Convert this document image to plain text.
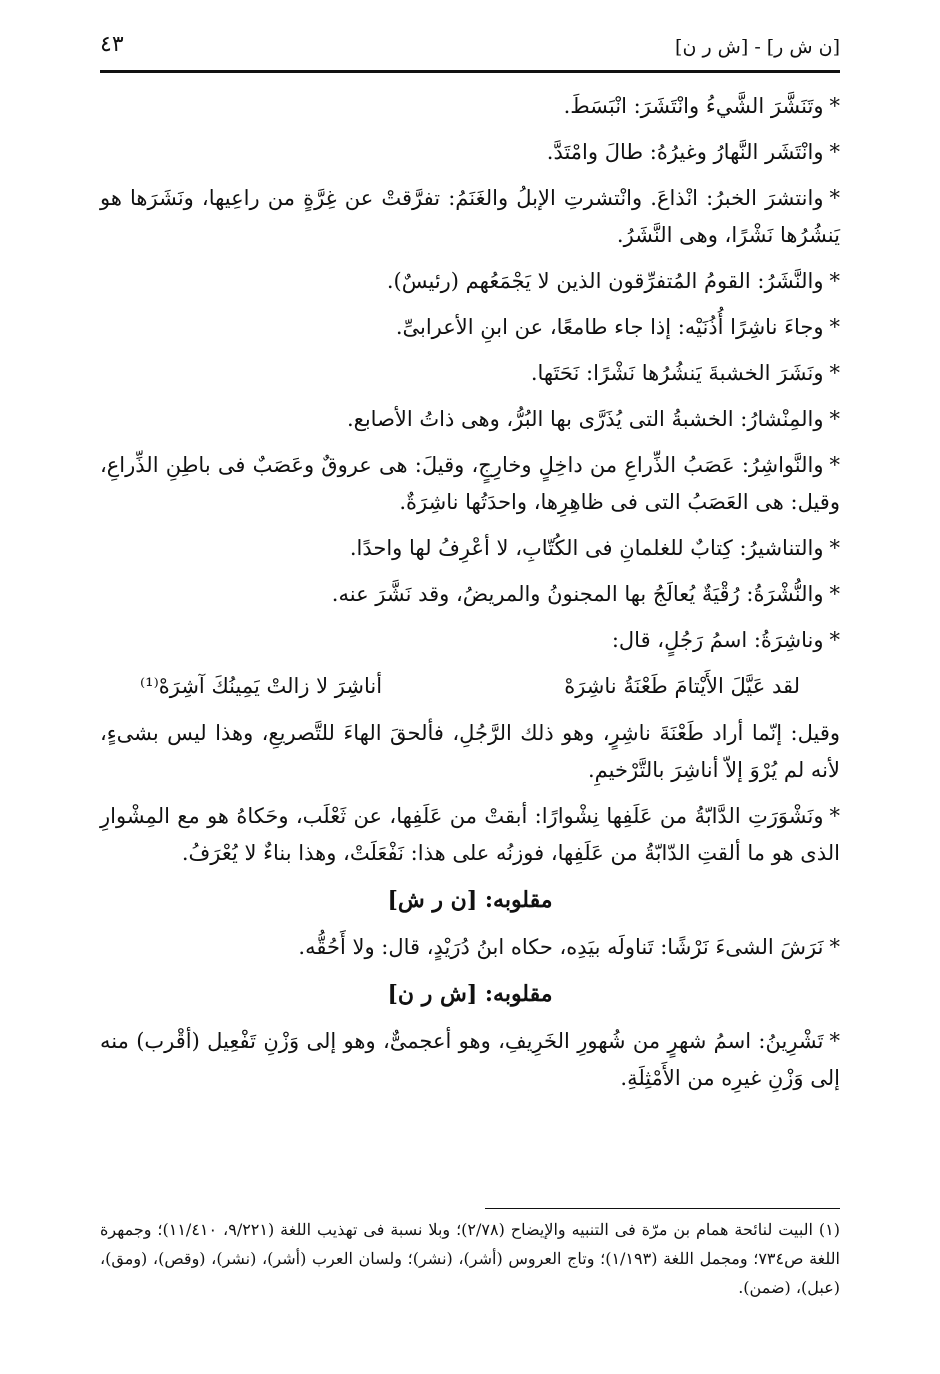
[ن ش ر] - [ش ر ن]
٤٣

*وتَنَشَّرَ الشَّيءُ وانْتَشَرَ: انْبَسَطَ.

*وانْتَشَر النَّهارُ وغيرُهُ: طالَ وامْتَدَّ.

*وانتشرَ الخبرُ: انْذاعَ. وانْتشرتِ الإبلُ والغَنَمُ: تفرَّقتْ عن غِرَّةٍ من راعِيها، ونَشَرَها هو يَنشُرُها نَشْرًا، وهى النَّشَرُ.

*والنَّشَرُ: القومُ المُتفرِّقون الذين لا يَجْمَعُهم (رئيسٌ).

*وجاءَ ناشِرًا أُذُنَيْه: إذا جاء طامعًا، عن ابنِ الأعرابىِّ.

*ونَشَرَ الخشبةَ يَنشُرُها نَشْرًا: نَحَتَها.

*والمِنْشارُ: الخشبةُ التى يُذَرَّى بها البُرُّ، وهى ذاتُ الأصابع.

*والنَّواشِرُ: عَصَبُ الذِّراعِ من داخِلٍ وخارِجٍ، وقيلَ: هى عروقٌ وعَصَبٌ فى باطِنِ الذِّراعِ، وقيل: هى العَصَبُ التى فى ظاهِرِها، واحدَتُها ناشِرَةٌ.

*والتناشيرُ: كِتابٌ للغلمانِ فى الكُتّابِ، لا أعْرِفُ لها واحدًا.

*والنُّشْرَةُ: رُقْيَةٌ يُعالَجُ بها المجنونُ والمريضُ، وقد نَشَّرَ عنه.

*وناشِرَةُ: اسمُ رَجُلٍ، قال:

لقد عَيَّلَ الأَيْتامَ طَعْنَةُ ناشِرَهْ
أناشِرَ لا زالتْ يَمِينُكَ آشِرَهْ⁽¹⁾

وقيل: إنّما أراد طَعْنَةَ ناشِرٍ، وهو ذلك الرَّجُلِ، فألحقَ الهاءَ للتَّصريعِ، وهذا ليس بشىءٍ، لأنه لم يُرْوَ إلاّ أناشِرَ بالتَّرْخيمِ.

*ونَشْوَرَتِ الدَّابّةُ من عَلَفِها نِشْوارًا: أبقتْ من عَلَفِها، عن ثَعْلَب، وحَكاهُ هو مع المِشْوارِ الذى هو ما ألقتِ الدّابّةُ من عَلَفِها، فوزنُه على هذا: نَفْعَلَتْ، وهذا بناءٌ لا يُعْرَفُ.

مقلوبه: [ن ر ش]

*نَرَشَ الشىءَ نَرْشًا: تَناولَه بيَدِه، حكاه ابنُ دُرَيْدٍ، قال: ولا أَحُقُّه.

مقلوبه: [ش ر ن]

*تَشْرِينُ: اسمُ شهرٍ من شُهورِ الخَرِيفِ، وهو أعجمىٌّ، وهو إلى وَزْنِ تَفْعِيل (أقْرب) منه إلى وَزْنِ غيرِه من الأَمْثِلَةِ.

(١) البيت لنائحة همام بن مرّة فى التنبيه والإيضاح (٢/٧٨)؛ وبلا نسبة فى تهذيب اللغة (٩/٢٢١، ١١/٤١٠)؛ وجمهرة اللغة ص٧٣٤؛ ومجمل اللغة (١/١٩٣)؛ وتاج العروس (أشر)، (نشر)؛ ولسان العرب (أشر)، (نشر)، (وقص)، (ومق)، (عبل)، (ضمن).
